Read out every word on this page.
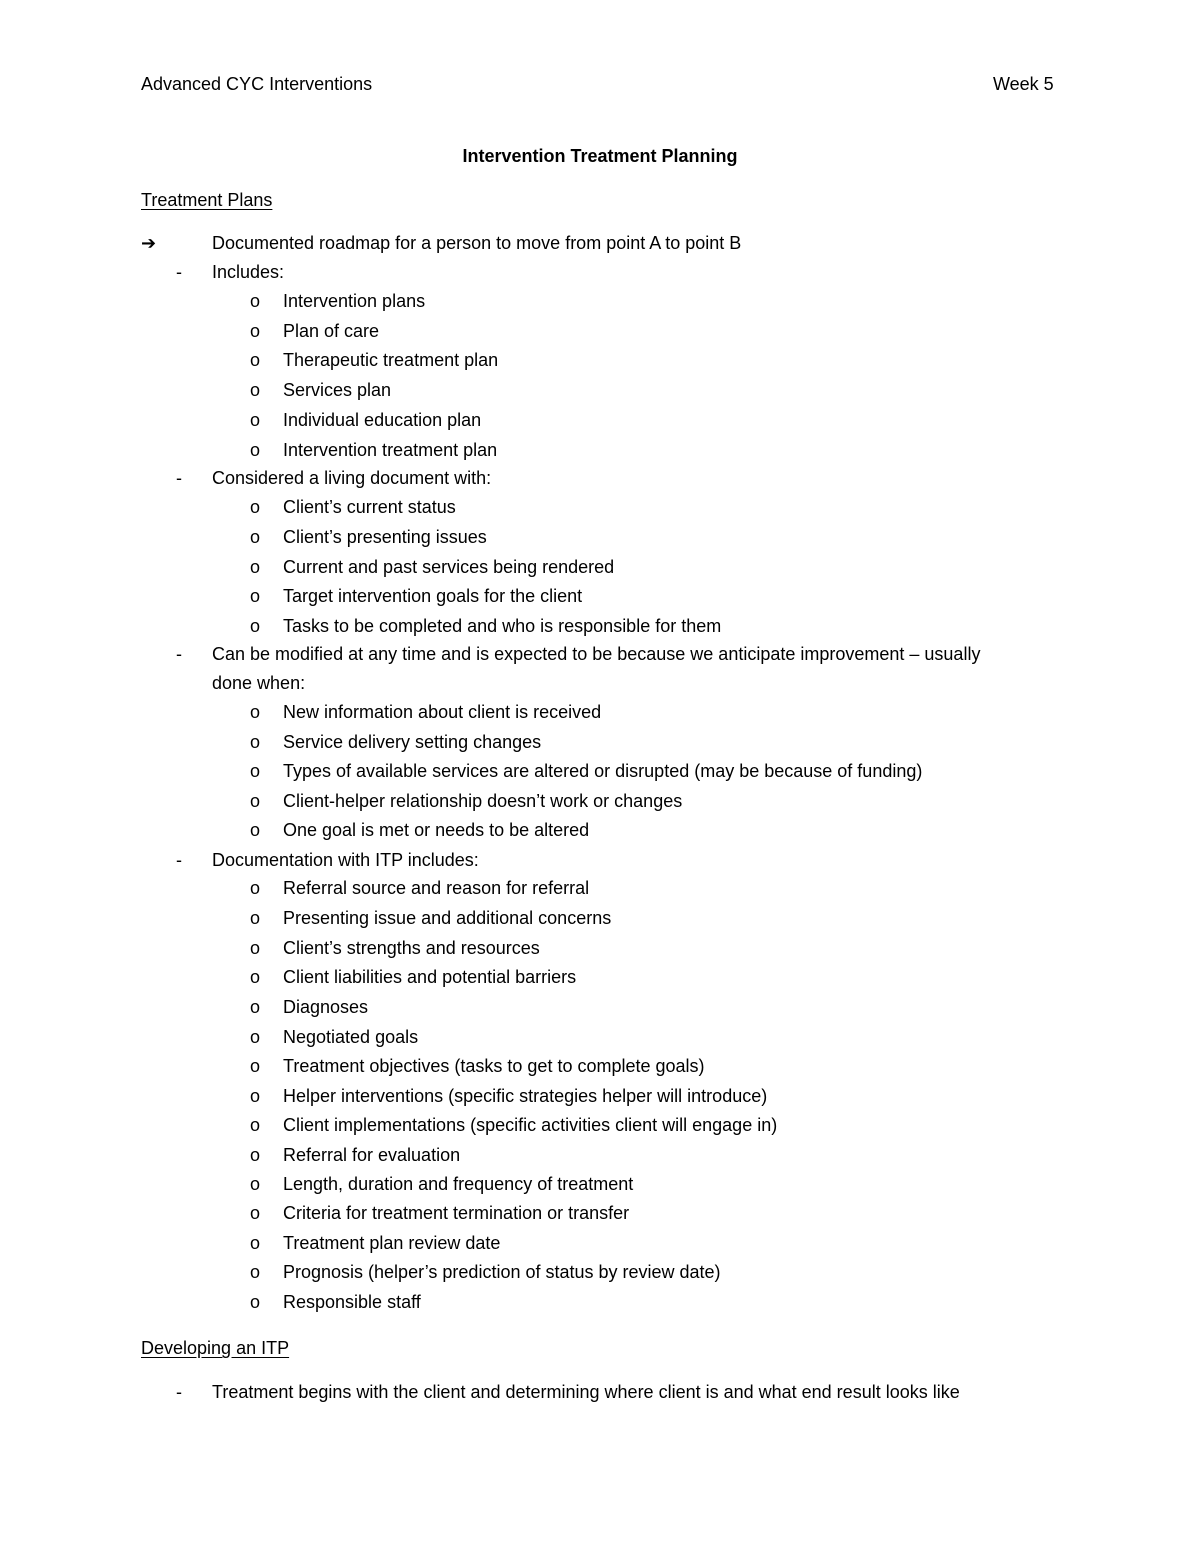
Advanced CYC Interventions	Week 5
Intervention Treatment Planning
Treatment Plans
➔	Documented roadmap for a person to move from point A to point B
- Includes:
o Intervention plans
o Plan of care
o Therapeutic treatment plan
o Services plan
o Individual education plan
o Intervention treatment plan
- Considered a living document with:
o Client’s current status
o Client’s presenting issues
o Current and past services being rendered
o Target intervention goals for the client
o Tasks to be completed and who is responsible for them
- Can be modified at any time and is expected to be because we anticipate improvement – usually
done when:
o New information about client is received
o Service delivery setting changes
o Types of available services are altered or disrupted (may be because of funding)
o Client-helper relationship doesn’t work or changes
o One goal is met or needs to be altered
- Documentation with ITP includes:
o Referral source and reason for referral
o Presenting issue and additional concerns
o Client’s strengths and resources
o Client liabilities and potential barriers
o Diagnoses
o Negotiated goals
o Treatment objectives (tasks to get to complete goals)
o Helper interventions (specific strategies helper will introduce)
o Client implementations (specific activities client will engage in)
o Referral for evaluation
o Length, duration and frequency of treatment
o Criteria for treatment termination or transfer
o Treatment plan review date
o Prognosis (helper’s prediction of status by review date)
o Responsible staff
Developing an ITP
- Treatment begins with the client and determining where client is and what end result looks like
